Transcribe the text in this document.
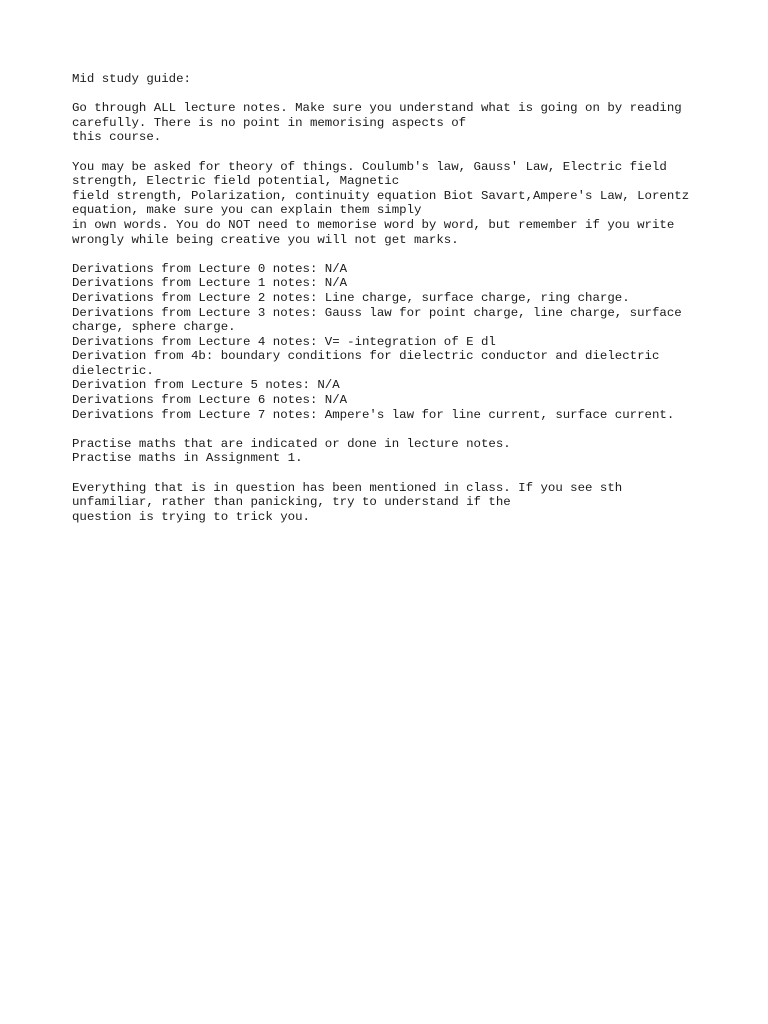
Mid study guide:

Go through ALL lecture notes. Make sure you understand what is going on by reading

carefully. There is no point in memorising aspects of

this course.

You may be asked for theory of things. Coulumb's law, Gauss' Law, Electric field

strength, Electric field potential, Magnetic

field strength, Polarization, continuity equation Biot Savart,Ampere's Law, Lorentz

equation, make sure you can explain them simply

in own words. You do NOT need to memorise word by word, but remember if you write

wrongly while being creative you will not get marks.

Derivations from Lecture 0 notes: N/A

Derivations from Lecture 1 notes: N/A

Derivations from Lecture 2 notes: Line charge, surface charge, ring charge.

Derivations from Lecture 3 notes: Gauss law for point charge, line charge, surface

charge, sphere charge.

Derivations from Lecture 4 notes: V= -integration of E dl

Derivation from 4b: boundary conditions for dielectric conductor and dielectric

dielectric.

Derivation from Lecture 5 notes: N/A

Derivations from Lecture 6 notes: N/A

Derivations from Lecture 7 notes: Ampere's law for line current, surface current.

Practise maths that are indicated or done in lecture notes.

Practise maths in Assignment 1.

Everything that is in question has been mentioned in class. If you see sth

unfamiliar, rather than panicking, try to understand if the

question is trying to trick you.
